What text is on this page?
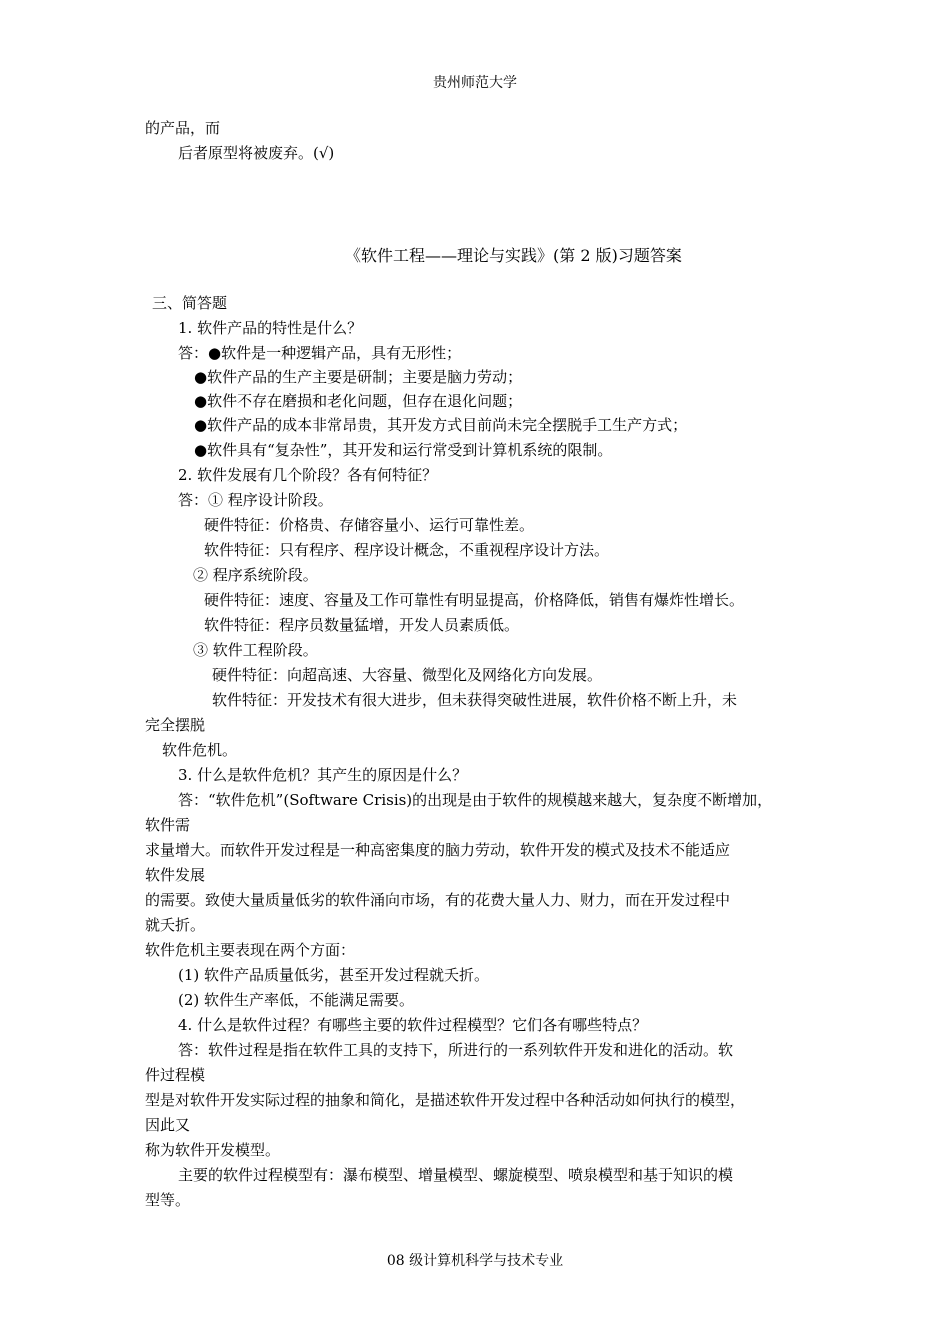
贵州师范大学
的产品，而
后者原型将被废弃。(√)
《软件工程——理论与实践》(第 2 版)习题答案
三、简答题
1. 软件产品的特性是什么？
答：●软件是一种逻辑产品，具有无形性；
●软件产品的生产主要是研制；主要是脑力劳动；
●软件不存在磨损和老化问题，但存在退化问题；
●软件产品的成本非常昂贵，其开发方式目前尚未完全摆脱手工生产方式；
●软件具有“复杂性”，其开发和运行常受到计算机系统的限制。
2. 软件发展有几个阶段？各有何特征？
答：① 程序设计阶段。
硬件特征：价格贵、存储容量小、运行可靠性差。
软件特征：只有程序、程序设计概念，不重视程序设计方法。
② 程序系统阶段。
硬件特征：速度、容量及工作可靠性有明显提高，价格降低，销售有爆炸性增长。
软件特征：程序员数量猛增，开发人员素质低。
③ 软件工程阶段。
硬件特征：向超高速、大容量、微型化及网络化方向发展。
软件特征：开发技术有很大进步，但未获得突破性进展，软件价格不断上升，未
完全摆脱
软件危机。
3. 什么是软件危机？其产生的原因是什么？
答：“软件危机”(Software Crisis)的出现是由于软件的规模越来越大，复杂度不断增加，
软件需
求量增大。而软件开发过程是一种高密集度的脑力劳动，软件开发的模式及技术不能适应
软件发展
的需要。致使大量质量低劣的软件涌向市场，有的花费大量人力、财力，而在开发过程中
就夭折。
软件危机主要表现在两个方面：
(1) 软件产品质量低劣，甚至开发过程就夭折。
(2) 软件生产率低，不能满足需要。
4. 什么是软件过程？有哪些主要的软件过程模型？它们各有哪些特点？
答：软件过程是指在软件工具的支持下，所进行的一系列软件开发和进化的活动。软
件过程模
型是对软件开发实际过程的抽象和简化，是描述软件开发过程中各种活动如何执行的模型，
因此又
称为软件开发模型。
主要的软件过程模型有：瀑布模型、增量模型、螺旋模型、喷泉模型和基于知识的模
型等。
08 级计算机科学与技术专业
